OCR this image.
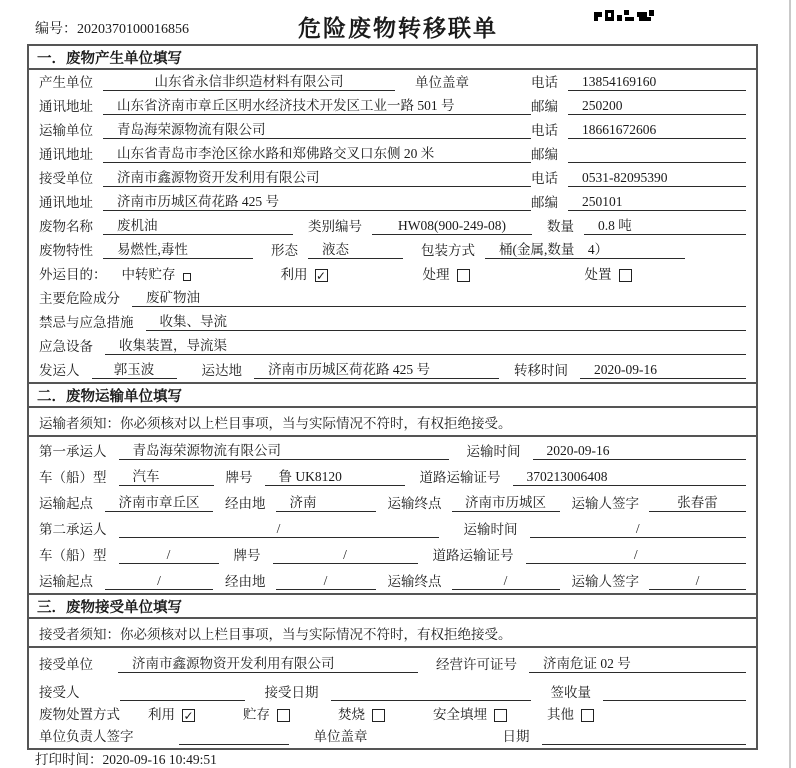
危险废物转移联单
编号：2020370100016856
一．废物产生单位填写
产生单位	山东省永信非织造材料有限公司	单位盖章	电话	13854169160
通讯地址	山东省济南市章丘区明水经济技术开发区工业一路 501 号	邮编	250200
运输单位	青岛海荣源物流有限公司	电话	18661672606
通讯地址	山东省青岛市李沧区徐水路和郑佛路交叉口东侧 20 米	邮编
接受单位	济南市鑫源物资开发利用有限公司	电话	0531-82095390
通讯地址	济南市历城区荷花路 425 号	邮编	250101
废物名称	废机油	类别编号	HW08(900-249-08)	数量	0.8 吨
废物特性	易燃性,毒性	形态	液态	包装方式	桶(金属,数量　4）
外运目的： 中转贮存	利用 ✓	处理	处置
主要危险成分	废矿物油
禁忌与应急措施	收集、导流
应急设备	收集装置，导流渠
发运人	郭玉波	运达地	济南市历城区荷花路 425 号	转移时间	2020-09-16
二．废物运输单位填写
运输者须知：你必须核对以上栏目事项，当与实际情况不符时，有权拒绝接受。
第一承运人	青岛海荣源物流有限公司	运输时间	2020-09-16
车（船）型	汽车	牌号	鲁 UK8120	道路运输证号	370213006408
运输起点	济南市章丘区	经由地	济南	运输终点	济南市历城区	运输人签字	张春雷
第二承运人	/	运输时间	/
车（船）型	/	牌号	/	道路运输证号	/
运输起点	/	经由地	/	运输终点	/	运输人签字	/
三．废物接受单位填写
接受者须知：你必须核对以上栏目事项，当与实际情况不符时，有权拒绝接受。
接受单位	济南市鑫源物资开发利用有限公司	经营许可证号	济南危证 02 号
接受人	接受日期	签收量
废物处置方式 利用 ✓	贮存	焚烧	安全填埋	其他
单位负责人签字	单位盖章	日期
打印时间：2020-09-16 10:49:51
